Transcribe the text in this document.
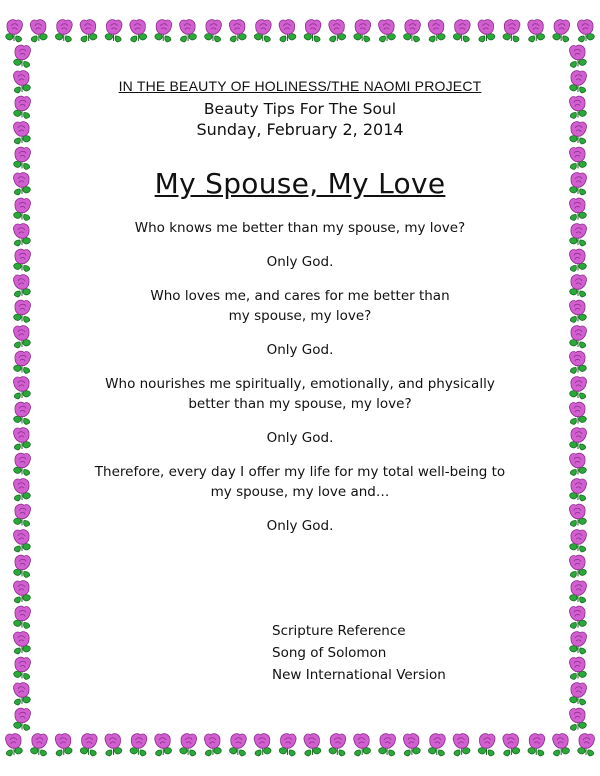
IN THE BEAUTY OF HOLINESS/THE NAOMI PROJECT

Beauty Tips For The Soul

Sunday, February 2, 2014

My Spouse, My Love

Who knows me better than my spouse, my love?

Only God.

Who loves me, and cares for me better than

my spouse, my love?

Only God.

Who nourishes me spiritually, emotionally, and physically

better than my spouse, my love?

Only God.

Therefore, every day I offer my life for my total well-being to

my spouse, my love and…

Only God.

Scripture Reference
Song of Solomon
New International Version
